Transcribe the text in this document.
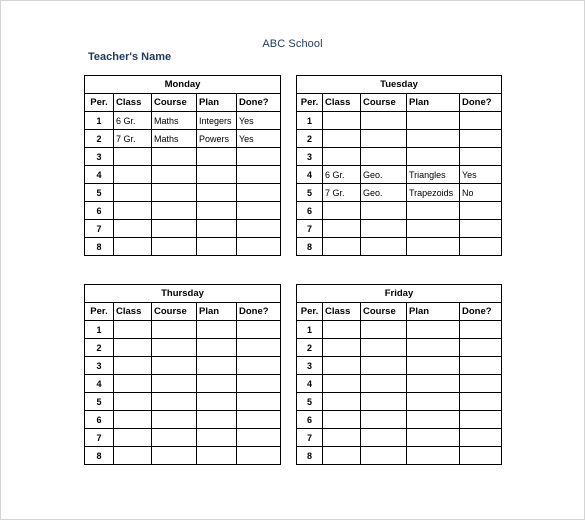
ABC School
Teacher's Name
Monday				
Per.	Class	Course	Plan	Done?
1	6 Gr.	Maths	Integers	Yes
2	7 Gr.	Maths	Powers	Yes
3				
4				
5				
6				
7				
8				
Tuesday				
Per.	Class	Course	Plan	Done?
1				
2				
3				
4	6 Gr.	Geo.	Triangles	Yes
5	7 Gr.	Geo.	Trapezoids	No
6				
7				
8				
Thursday				
Per.	Class	Course	Plan	Done?
1				
2				
3				
4				
5				
6				
7				
8				
Friday				
Per.	Class	Course	Plan	Done?
1				
2				
3				
4				
5				
6				
7				
8				
